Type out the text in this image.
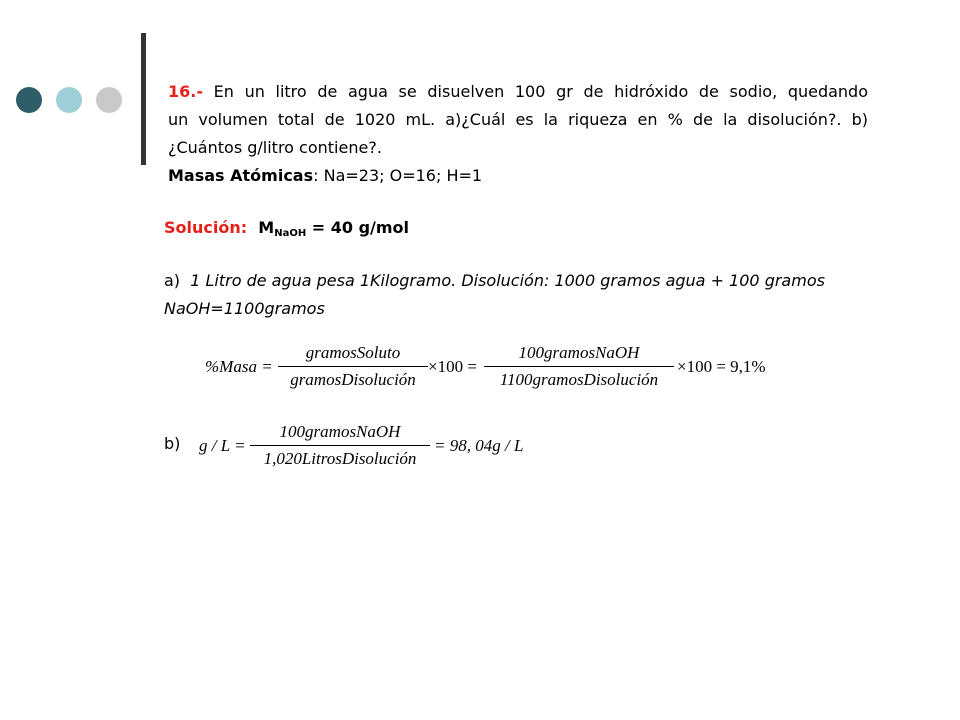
16.- En un litro de agua se disuelven 100 gr de hidróxido de sodio, quedando

un volumen total de 1020 mL. a)¿Cuál es la riqueza en % de la disolución?. b)

¿Cuántos g/litro contiene?.

Masas Atómicas: Na=23; O=16; H=1

Solución: $M_{NaOH} = 40$ g/mol

a) 1 Litro de agua pesa 1Kilogramo. Disolución: 1000 gramos agua + 100 gramos

NaOH=1100gramos

%Masa =
gramosSoluto
gramosDisolución
×100 =
100gramosNaOH
1100gramosDisolución
×100 = 9,1%
b) g / L =
100gramosNaOH
1,020LitrosDisolución
= 98, 04g / L
